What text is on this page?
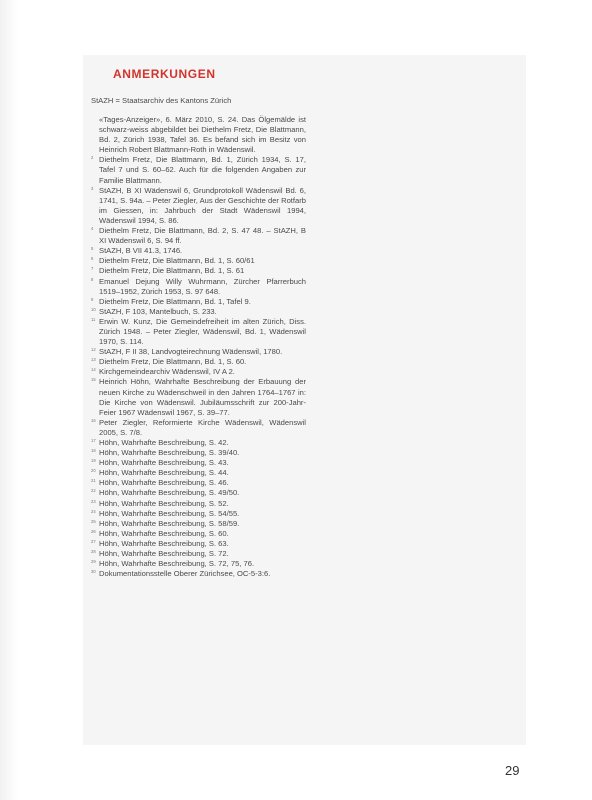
ANMERKUNGEN
StAZH = Staatsarchiv des Kantons Zürich
«Tages-Anzeiger», 6. März 2010, S. 24. Das Ölgemälde ist schwarz-weiss abgebildet bei Diethelm Fretz, Die Blattmann, Bd. 2, Zürich 1938, Tafel 36. Es befand sich im Besitz von Heinrich Robert Blattmann-Roth in Wädenswil.
2 Diethelm Fretz, Die Blattmann, Bd. 1, Zürich 1934, S. 17, Tafel 7 und S. 60–62. Auch für die folgenden Angaben zur Familie Blattmann.
3 StAZH, B XI Wädenswil 6, Grundprotokoll Wädenswil Bd. 6, 1741, S. 94a. – Peter Ziegler, Aus der Geschichte der Rotfarb im Giessen, in: Jahrbuch der Stadt Wädenswil 1994, Wädenswil 1994, S. 86.
4 Diethelm Fretz, Die Blattmann, Bd. 2, S. 47 48. – StAZH, B XI Wädenswil 6, S. 94 ff.
5 StAZH, B VII 41.3, 1746.
6 Diethelm Fretz, Die Blattmann, Bd. 1, S. 60/61
7 Diethelm Fretz, Die Blattmann, Bd. 1, S. 61
8 Emanuel Dejung Willy Wuhrmann, Zürcher Pfarrerbuch 1519–1952, Zürich 1953, S. 97 648.
9 Diethelm Fretz, Die Blattmann, Bd. 1, Tafel 9.
10 StAZH, F 103, Mantelbuch, S. 233.
11 Erwin W. Kunz, Die Gemeindefreiheit im alten Zürich, Diss. Zürich 1948. – Peter Ziegler, Wädenswil, Bd. 1, Wädenswil 1970, S. 114.
12 StAZH, F II 38, Landvogteirechnung Wädenswil, 1780.
13 Diethelm Fretz, Die Blattmann, Bd. 1, S. 60.
14 Kirchgemeindearchiv Wädenswil, IV A 2.
15 Heinrich Höhn, Wahrhafte Beschreibung der Erbauung der neuen Kirche zu Wädenschweil in den Jahren 1764–1767 in: Die Kirche von Wädenswil. Jubiläumsschrift zur 200-Jahr-Feier 1967 Wädenswil 1967, S. 39–77.
16 Peter Ziegler, Reformierte Kirche Wädenswil, Wädenswil 2005, S. 7/8.
17 Höhn, Wahrhafte Beschreibung, S. 42.
18 Höhn, Wahrhafte Beschreibung, S. 39/40.
19 Höhn, Wahrhafte Beschreibung, S. 43.
20 Höhn, Wahrhafte Beschreibung, S. 44.
21 Höhn, Wahrhafte Beschreibung, S. 46.
22 Höhn, Wahrhafte Beschreibung, S. 49/50.
23 Höhn, Wahrhafte Beschreibung, S. 52.
24 Höhn, Wahrhafte Beschreibung, S. 54/55.
25 Höhn, Wahrhafte Beschreibung, S. 58/59.
26 Höhn, Wahrhafte Beschreibung, S. 60.
27 Höhn, Wahrhafte Beschreibung, S. 63.
28 Höhn, Wahrhafte Beschreibung, S. 72.
29 Höhn, Wahrhafte Beschreibung, S. 72, 75, 76.
30 Dokumentationsstelle Oberer Zürichsee, OC-5-3:6.
29
